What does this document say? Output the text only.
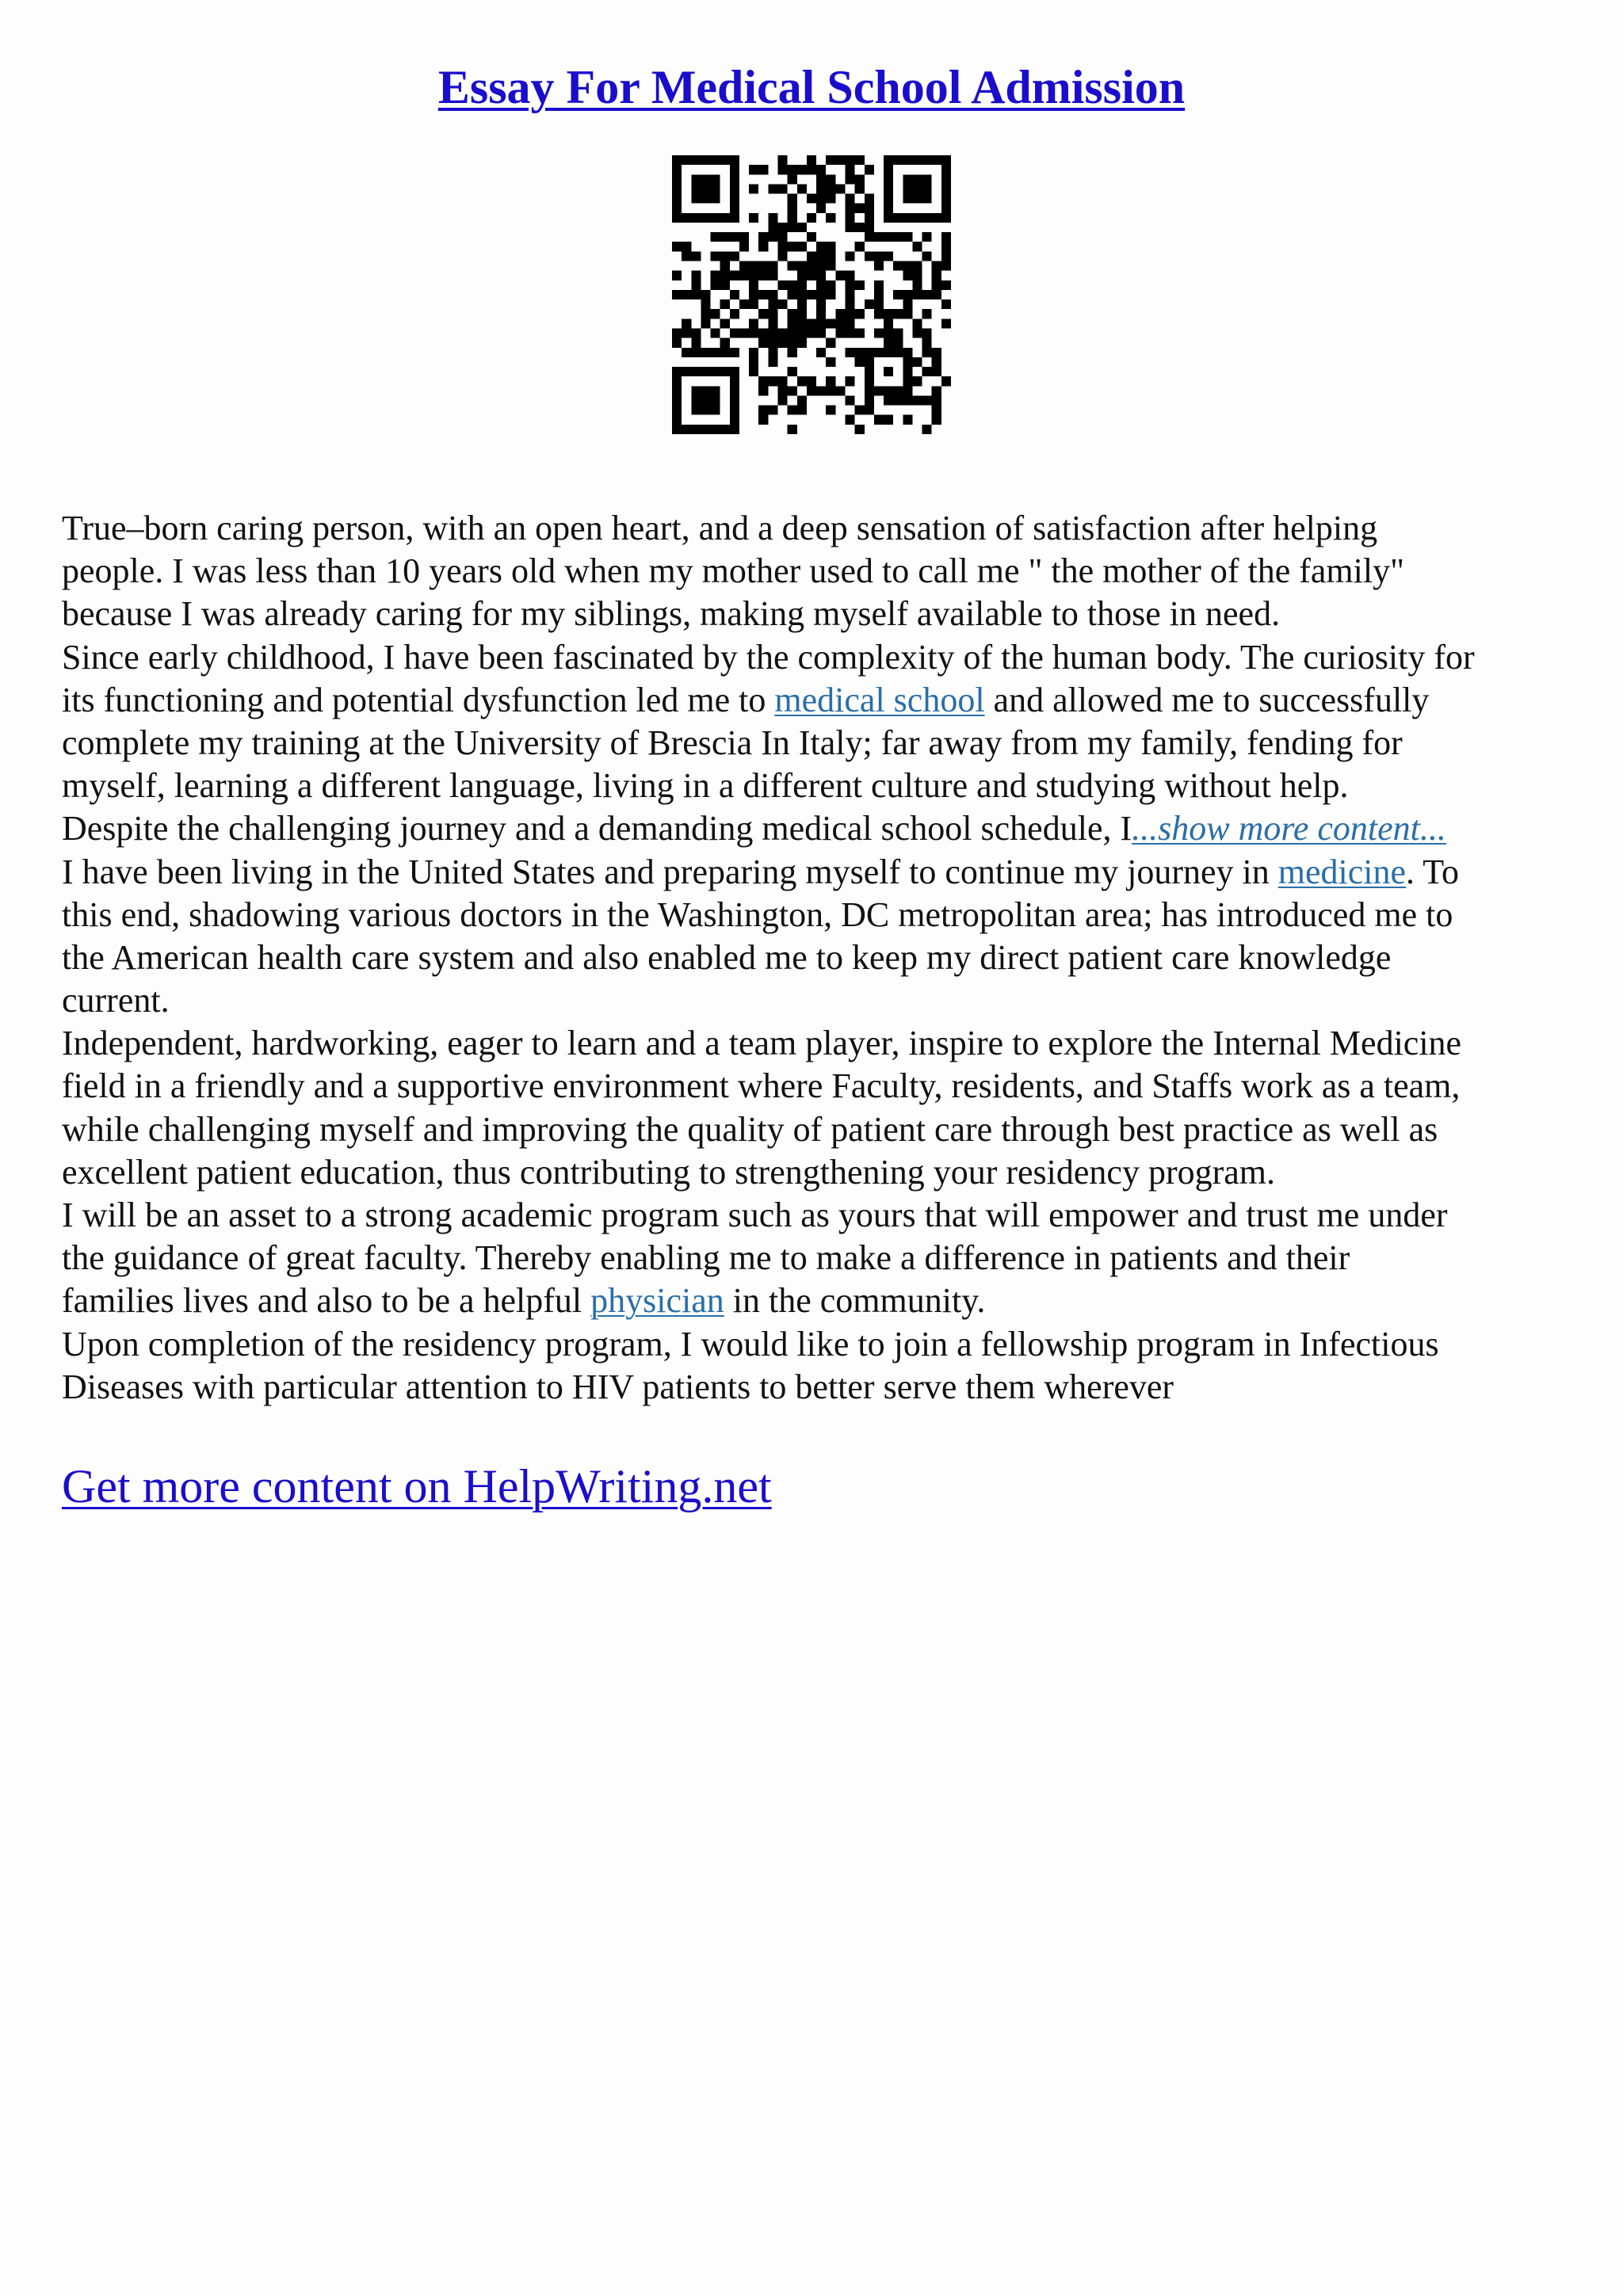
Essay For Medical School Admission
True–born caring person, with an open heart, and a deep sensation of satisfaction after helping
people. I was less than 10 years old when my mother used to call me " the mother of the family"
because I was already caring for my siblings, making myself available to those in need.
Since early childhood, I have been fascinated by the complexity of the human body. The curiosity for
its functioning and potential dysfunction led me to medical school and allowed me to successfully
complete my training at the University of Brescia In Italy; far away from my family, fending for
myself, learning a different language, living in a different culture and studying without help.
Despite the challenging journey and a demanding medical school schedule, I...show more content...
I have been living in the United States and preparing myself to continue my journey in medicine. To
this end, shadowing various doctors in the Washington, DC metropolitan area; has introduced me to
the American health care system and also enabled me to keep my direct patient care knowledge
current.
Independent, hardworking, eager to learn and a team player, inspire to explore the Internal Medicine
field in a friendly and a supportive environment where Faculty, residents, and Staffs work as a team,
while challenging myself and improving the quality of patient care through best practice as well as
excellent patient education, thus contributing to strengthening your residency program.
I will be an asset to a strong academic program such as yours that will empower and trust me under
the guidance of great faculty. Thereby enabling me to make a difference in patients and their
families lives and also to be a helpful physician in the community.
Upon completion of the residency program, I would like to join a fellowship program in Infectious
Diseases with particular attention to HIV patients to better serve them wherever
Get more content on HelpWriting.net
